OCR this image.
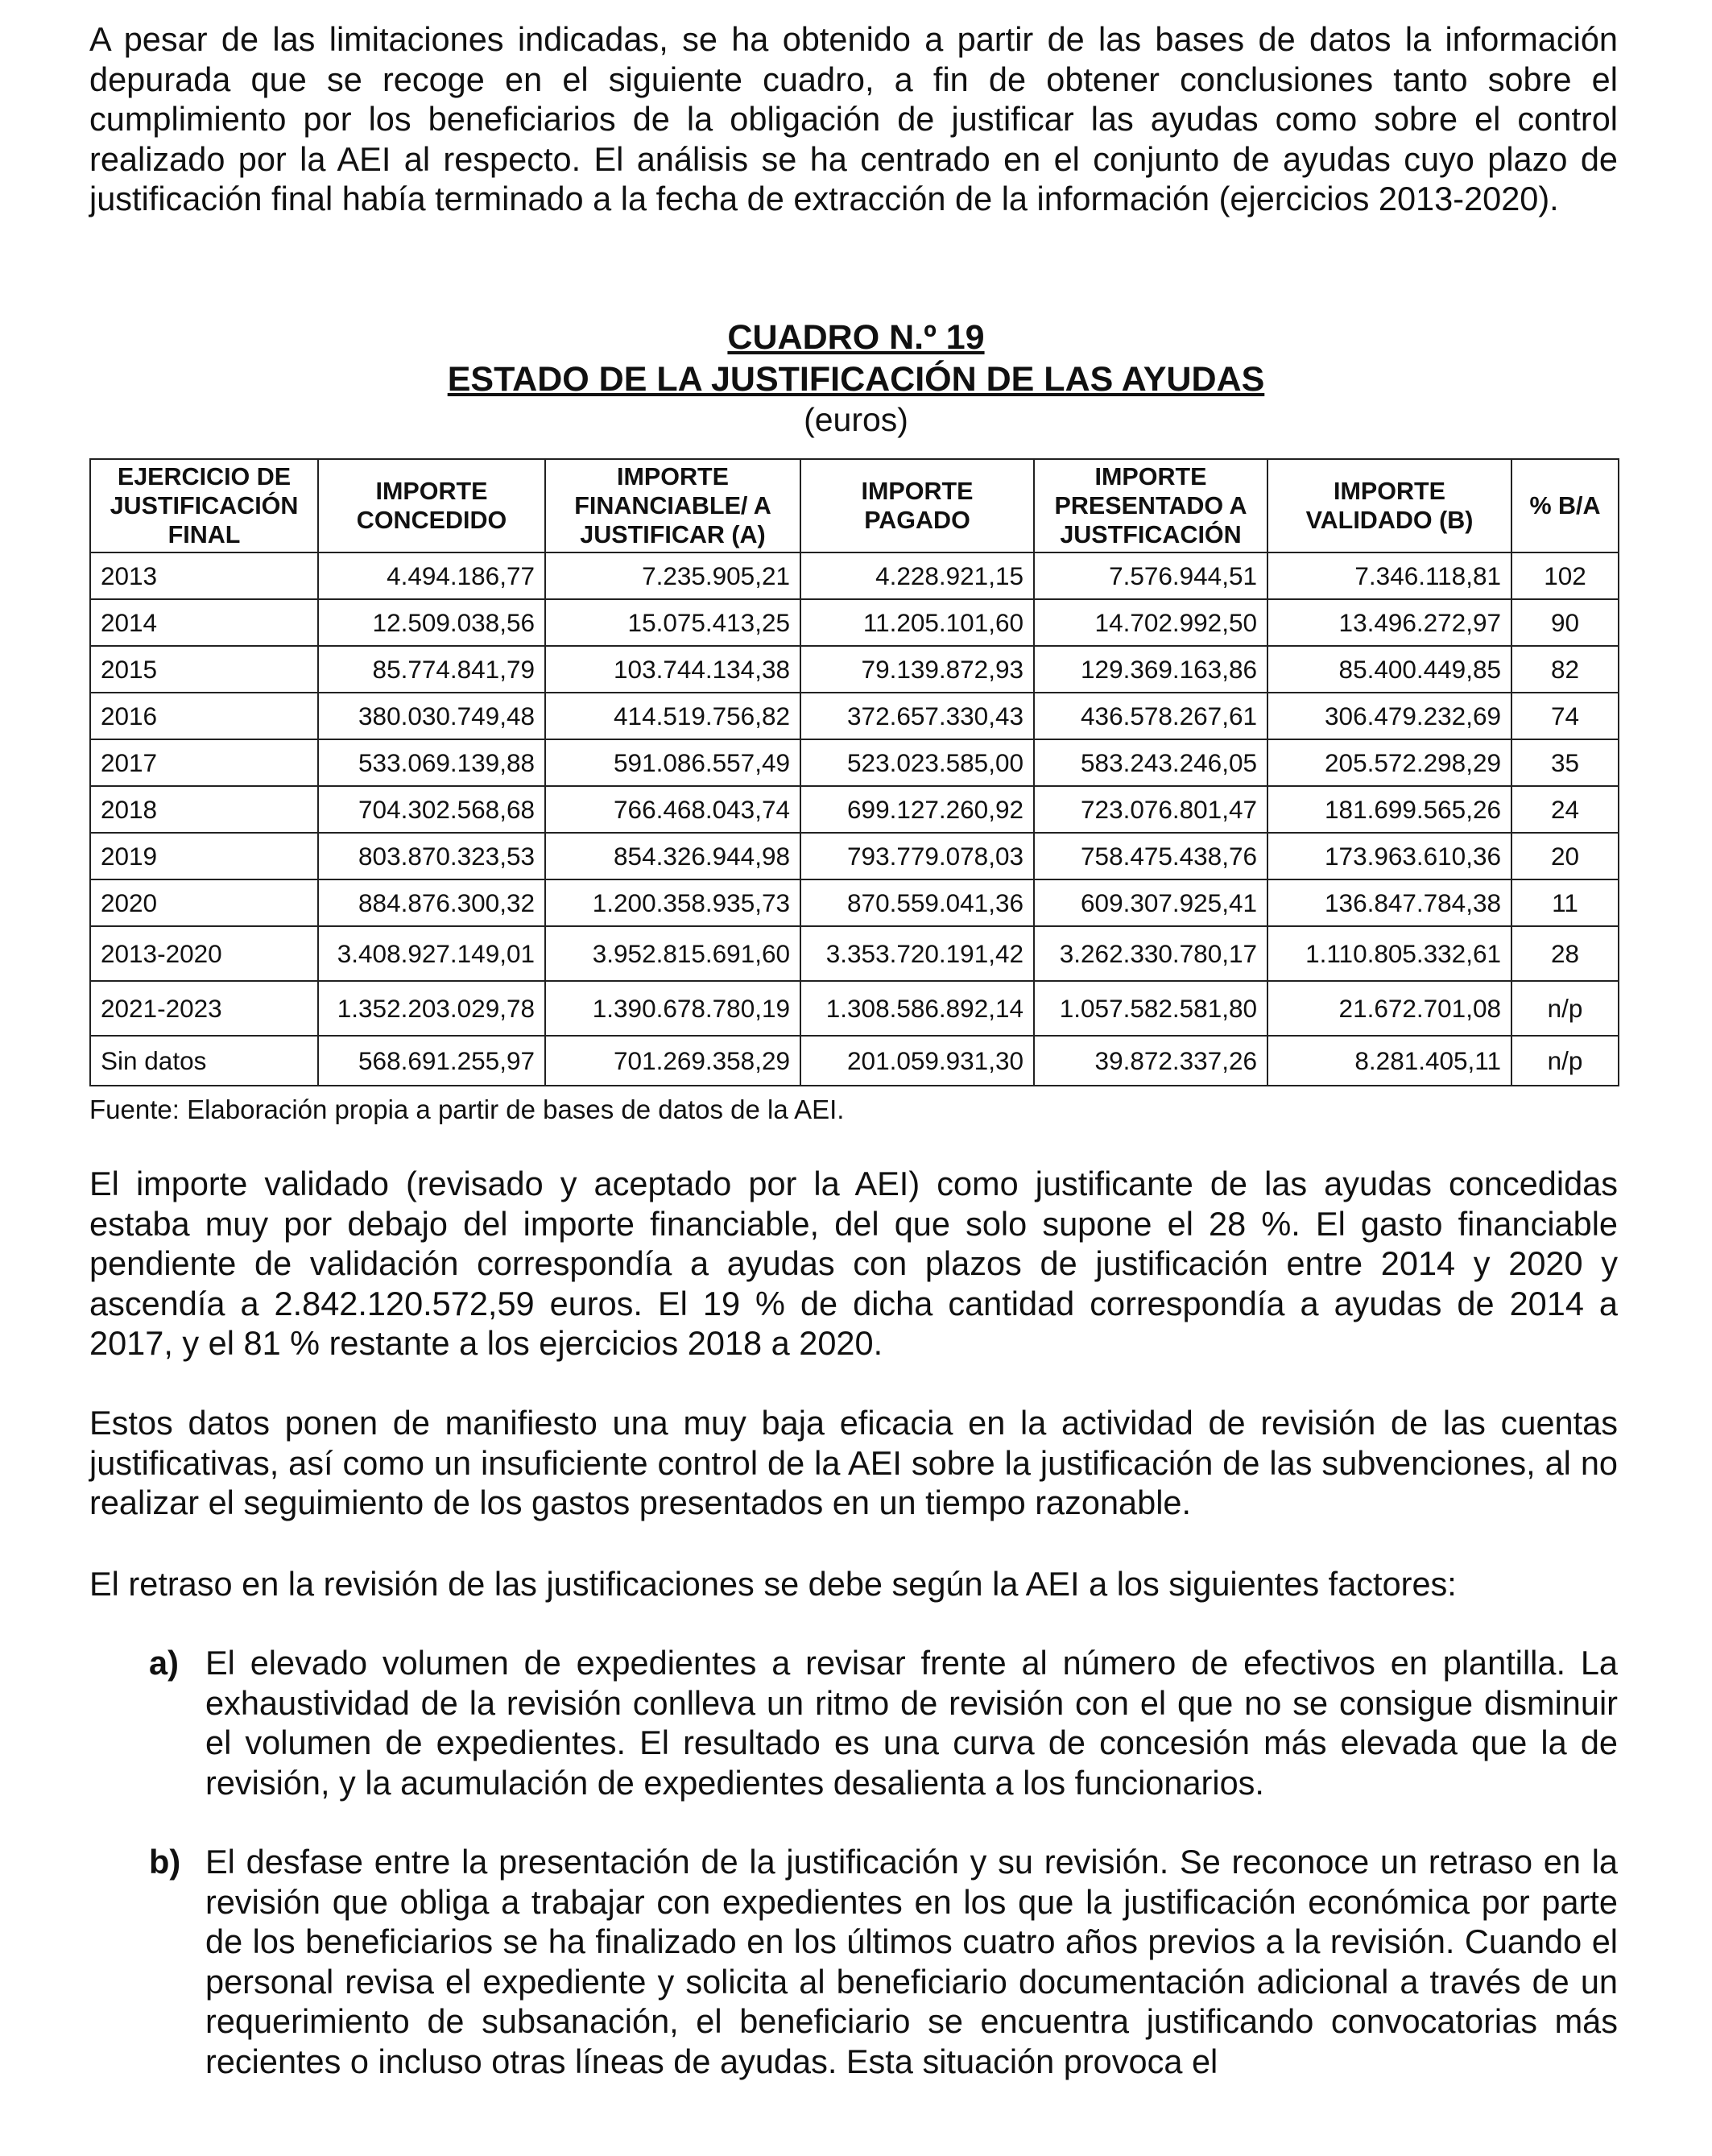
A pesar de las limitaciones indicadas, se ha obtenido a partir de las bases de datos la información depurada que se recoge en el siguiente cuadro, a fin de obtener conclusiones tanto sobre el cumplimiento por los beneficiarios de la obligación de justificar las ayudas como sobre el control realizado por la AEI al respecto. El análisis se ha centrado en el conjunto de ayudas cuyo plazo de justificación final había terminado a la fecha de extracción de la información (ejercicios 2013-2020).

CUADRO N.º 19

ESTADO DE LA JUSTIFICACIÓN DE LAS AYUDAS

(euros)

EJERCICIO DE JUSTIFICACIÓN FINAL	IMPORTE CONCEDIDO	IMPORTE FINANCIABLE/ A JUSTIFICAR (A)	IMPORTE PAGADO	IMPORTE PRESENTADO A JUSTFICACIÓN	IMPORTE VALIDADO (B)	% B/A
2013	4.494.186,77	7.235.905,21	4.228.921,15	7.576.944,51	7.346.118,81	102
2014	12.509.038,56	15.075.413,25	11.205.101,60	14.702.992,50	13.496.272,97	90
2015	85.774.841,79	103.744.134,38	79.139.872,93	129.369.163,86	85.400.449,85	82
2016	380.030.749,48	414.519.756,82	372.657.330,43	436.578.267,61	306.479.232,69	74
2017	533.069.139,88	591.086.557,49	523.023.585,00	583.243.246,05	205.572.298,29	35
2018	704.302.568,68	766.468.043,74	699.127.260,92	723.076.801,47	181.699.565,26	24
2019	803.870.323,53	854.326.944,98	793.779.078,03	758.475.438,76	173.963.610,36	20
2020	884.876.300,32	1.200.358.935,73	870.559.041,36	609.307.925,41	136.847.784,38	11
2013-2020	3.408.927.149,01	3.952.815.691,60	3.353.720.191,42	3.262.330.780,17	1.110.805.332,61	28
2021-2023	1.352.203.029,78	1.390.678.780,19	1.308.586.892,14	1.057.582.581,80	21.672.701,08	n/p
Sin datos	568.691.255,97	701.269.358,29	201.059.931,30	39.872.337,26	8.281.405,11	n/p

Fuente: Elaboración propia a partir de bases de datos de la AEI.

El importe validado (revisado y aceptado por la AEI) como justificante de las ayudas concedidas estaba muy por debajo del importe financiable, del que solo supone el 28 %. El gasto financiable pendiente de validación correspondía a ayudas con plazos de justificación entre 2014 y 2020 y ascendía a 2.842.120.572,59 euros. El 19 % de dicha cantidad correspondía a ayudas de 2014 a 2017, y el 81 % restante a los ejercicios 2018 a 2020.

Estos datos ponen de manifiesto una muy baja eficacia en la actividad de revisión de las cuentas justificativas, así como un insuficiente control de la AEI sobre la justificación de las subvenciones, al no realizar el seguimiento de los gastos presentados en un tiempo razonable.

El retraso en la revisión de las justificaciones se debe según la AEI a los siguientes factores:

a) El elevado volumen de expedientes a revisar frente al número de efectivos en plantilla. La exhaustividad de la revisión conlleva un ritmo de revisión con el que no se consigue disminuir el volumen de expedientes. El resultado es una curva de concesión más elevada que la de revisión, y la acumulación de expedientes desalienta a los funcionarios.

b) El desfase entre la presentación de la justificación y su revisión. Se reconoce un retraso en la revisión que obliga a trabajar con expedientes en los que la justificación económica por parte de los beneficiarios se ha finalizado en los últimos cuatro años previos a la revisión. Cuando el personal revisa el expediente y solicita al beneficiario documentación adicional a través de un requerimiento de subsanación, el beneficiario se encuentra justificando convocatorias más recientes o incluso otras líneas de ayudas. Esta situación provoca el
